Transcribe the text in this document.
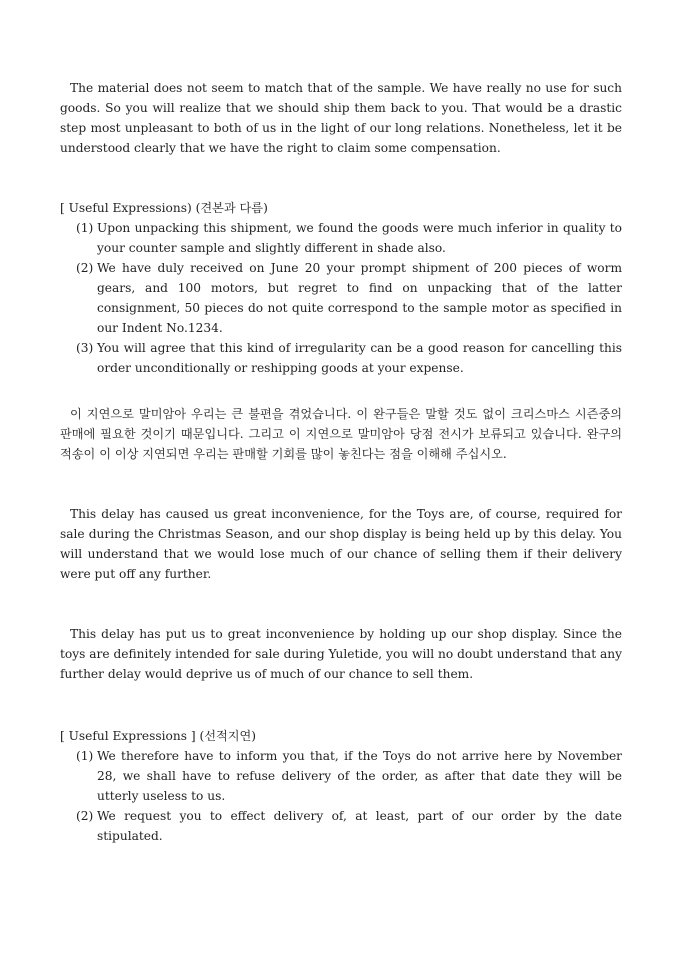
The material does not seem to match that of the sample. We have really no use for such goods. So you will realize that we should ship them back to you. That would be a drastic step most unpleasant to both of us in the light of our long relations. Nonetheless, let it be understood clearly that we have the right to claim some compensation.

[ Useful Expressions) (견본과 다름)
(1) Upon unpacking this shipment, we found the goods were much inferior in quality to your counter sample and slightly different in shade also.
(2) We have duly received on June 20 your prompt shipment of 200 pieces of worm gears, and 100 motors, but regret to find on unpacking that of the latter consignment, 50 pieces do not quite correspond to the sample motor as specified in our Indent No.1234.
(3) You will agree that this kind of irregularity can be a good reason for cancelling this order unconditionally or reshipping goods at your expense.

이 지연으로 말미암아 우리는 큰 불편을 겪었습니다. 이 완구들은 말할 것도 없이 크리스마스 시즌중의 판매에 필요한 것이기 때문입니다. 그리고 이 지연으로 말미암아 당점 전시가 보류되고 있습니다. 완구의 적송이 이 이상 지연되면 우리는 판매할 기회를 많이 놓친다는 점을 이해해 주십시오.

This delay has caused us great inconvenience, for the Toys are, of course, required for sale during the Christmas Season, and our shop display is being held up by this delay. You will understand that we would lose much of our chance of selling them if their delivery were put off any further.

This delay has put us to great inconvenience by holding up our shop display. Since the toys are definitely intended for sale during Yuletide, you will no doubt understand that any further delay would deprive us of much of our chance to sell them.

[ Useful Expressions ] (선적지연)
(1) We therefore have to inform you that, if the Toys do not arrive here by November 28, we shall have to refuse delivery of the order, as after that date they will be utterly useless to us.
(2) We request you to effect delivery of, at least, part of our order by the date stipulated.
